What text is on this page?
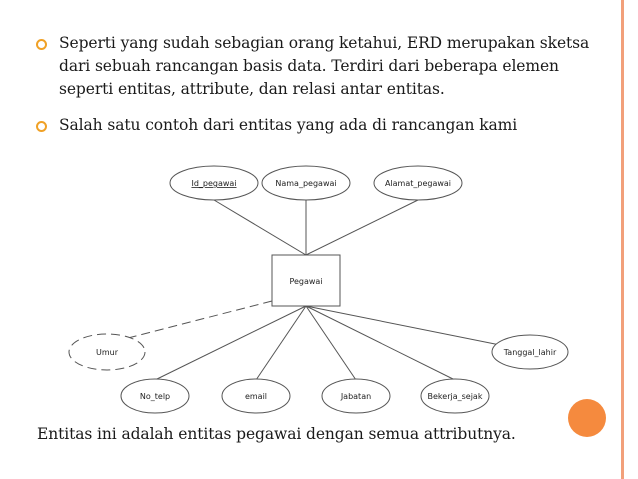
Seperti yang sudah sebagian orang ketahui, ERD merupakan sketsa
dari sebuah rancangan basis data. Terdiri dari beberapa elemen
seperti entitas, attribute, dan relasi antar entitas.
Salah satu contoh dari entitas yang ada di rancangan kami
Id_pegawai	Nama_pegawai	Alamat_pegawai
Pegawai
Umur
No_telp	email	Jabatan	Bekerja_sejak
Tanggal_lahir
Entitas ini adalah entitas pegawai dengan semua attributnya.
